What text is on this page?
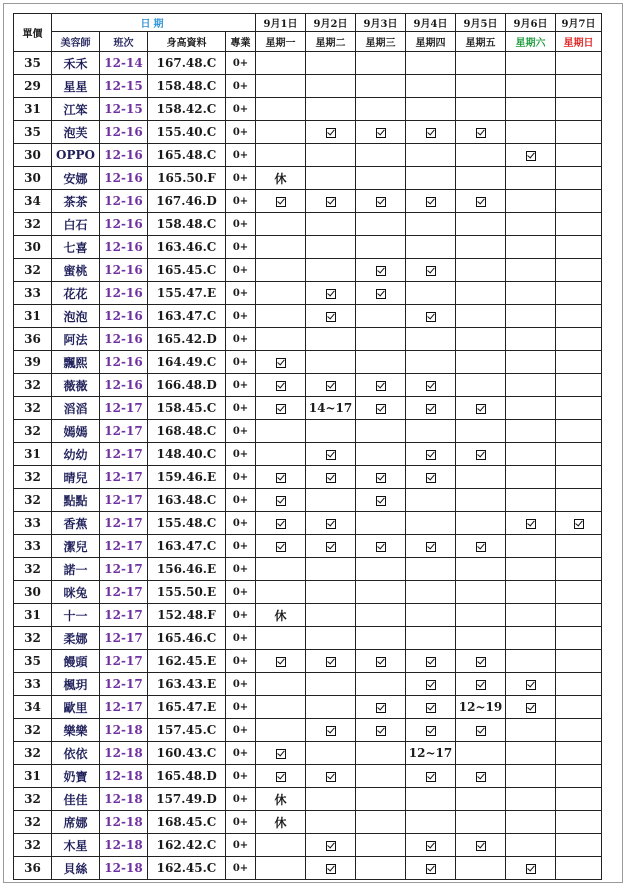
單價	日期				9月1日	9月2日	9月3日	9月4日	9月5日	9月6日	9月7日
	美容師	班次	身高資料	專業	星期一	星期二	星期三	星期四	星期五	星期六	星期日
35	禾禾	12-14	167.48.C	0+							
29	星星	12-15	158.48.C	0+							
31	江笨	12-15	158.42.C	0+							
35	泡芙	12-16	155.40.C	0+							
30	OPPO	12-16	165.48.C	0+							
30	安娜	12-16	165.50.F	0+	休						
34	茶茶	12-16	167.46.D	0+							
32	白石	12-16	158.48.C	0+							
30	七喜	12-16	163.46.C	0+							
32	蜜桃	12-16	165.45.C	0+							
33	花花	12-16	155.47.E	0+							
31	泡泡	12-16	163.47.C	0+							
36	阿法	12-16	165.42.D	0+							
39	飄熙	12-16	164.49.C	0+							
32	薇薇	12-16	166.48.D	0+							
32	滔滔	12-17	158.45.C	0+		14~17					
32	嫣嫣	12-17	168.48.C	0+							
31	幼幼	12-17	148.40.C	0+							
32	晴兒	12-17	159.46.E	0+							
32	點點	12-17	163.48.C	0+							
33	香蕉	12-17	155.48.C	0+							
33	潔兒	12-17	163.47.C	0+							
32	諾一	12-17	156.46.E	0+							
30	咪兔	12-17	155.50.E	0+							
31	十一	12-17	152.48.F	0+	休						
32	柔娜	12-17	165.46.C	0+							
35	饅頭	12-17	162.45.E	0+							
33	楓玥	12-17	163.43.E	0+							
34	歐里	12-17	165.47.E	0+					12~19		
32	樂樂	12-18	157.45.C	0+							
32	依依	12-18	160.43.C	0+				12~17			
31	奶寶	12-18	165.48.D	0+							
32	佳佳	12-18	157.49.D	0+	休						
32	席娜	12-18	168.45.C	0+	休						
32	木星	12-18	162.42.C	0+							
36	貝絲	12-18	162.45.C	0+							
